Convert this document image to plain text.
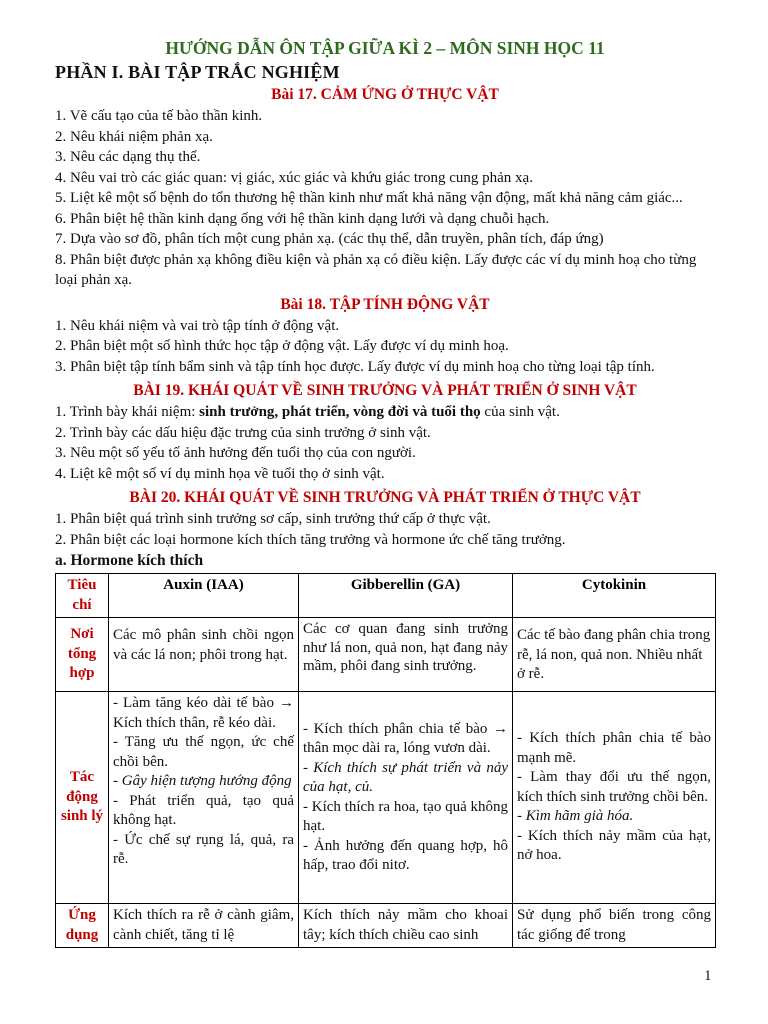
HƯỚNG DẪN ÔN TẬP GIỮA KÌ 2 – MÔN SINH HỌC 11

PHẦN I. BÀI TẬP TRẮC NGHIỆM

Bài 17. CẢM ỨNG Ở THỰC VẬT

1. Vẽ cấu tạo của tế bào thần kinh.

2. Nêu khái niệm phản xạ.

3. Nêu các dạng thụ thể.

4. Nêu vai trò các giác quan: vị giác, xúc giác và khứu giác trong cung phản xạ.

5. Liệt kê một số bệnh do tổn thương hệ thần kinh như mất khả năng vận động, mất khả năng cảm giác...

6. Phân biệt hệ thần kinh dạng ống với hệ thần kinh dạng lưới và dạng chuỗi hạch.

7. Dựa vào sơ đồ, phân tích một cung phản xạ. (các thụ thể, dẫn truyền, phân tích, đáp ứng)

8. Phân biệt được phản xạ không điều kiện và phản xạ có điều kiện. Lấy được các ví dụ minh hoạ cho từng loại phản xạ.

Bài 18. TẬP TÍNH ĐỘNG VẬT

1. Nêu khái niệm và vai trò tập tính ở động vật.

2. Phân biệt một số hình thức học tập ở động vật. Lấy được ví dụ minh hoạ.

3. Phân biệt tập tính bẩm sinh và tập tính học được. Lấy được ví dụ minh hoạ cho từng loại tập tính.

BÀI 19. KHÁI QUÁT VỀ SINH TRƯỞNG VÀ PHÁT TRIỂN Ở SINH VẬT

1. Trình bày khái niệm: sinh trưởng, phát triển, vòng đời và tuổi thọ của sinh vật.

2. Trình bày các dấu hiệu đặc trưng của sinh trưởng ở sinh vật.

3. Nêu một số yếu tố ảnh hưởng đến tuổi thọ của con người.

4. Liệt kê một số ví dụ minh họa về tuổi thọ ở sinh vật.

BÀI 20. KHÁI QUÁT VỀ SINH TRƯỞNG VÀ PHÁT TRIỂN Ở THỰC VẬT

1. Phân biệt quá trình sinh trưởng sơ cấp, sinh trưởng thứ cấp ở thực vật.

2. Phân biệt các loại hormone kích thích tăng trưởng và hormone ức chế tăng trưởng.

a. Hormone kích thích

Tiêu chí	Auxin (IAA)	Gibberellin (GA)	Cytokinin
Nơi tổng hợp	Các mô phân sinh chồi ngọn và các lá non; phôi trong hạt.	Các cơ quan đang sinh trưởng như lá non, quả non, hạt đang nảy mầm, phôi đang sinh trưởng.	Các tế bào đang phân chia trong rễ, lá non, quả non. Nhiều nhất ở rễ.
Tác động sinh lý	- Làm tăng kéo dài tế bào → Kích thích thân, rễ kéo dài.
- Tăng ưu thế ngọn, ức chế chồi bên.
- Gây hiện tượng hướng động
- Phát triển quả, tạo quả không hạt.
- Ức chế sự rụng lá, quả, ra rễ.	- Kích thích phân chia tế bào → thân mọc dài ra, lóng vươn dài.
- Kích thích sự phát triển và nảy của hạt, củ.
- Kích thích ra hoa, tạo quả không hạt.
- Ảnh hưởng đến quang hợp, hô hấp, trao đổi nitơ.	- Kích thích phân chia tế bào mạnh mẽ.
- Làm thay đổi ưu thế ngọn, kích thích sinh trưởng chồi bên.
- Kìm hãm già hóa.
- Kích thích nảy mầm của hạt, nở hoa.

Ứng dụng	Kích thích ra rễ ở cành giâm, cành chiết, tăng tỉ lệ	Kích thích nảy mầm cho khoai tây; kích thích chiều cao sinh	Sử dụng phổ biến trong công tác giống để trong
1
